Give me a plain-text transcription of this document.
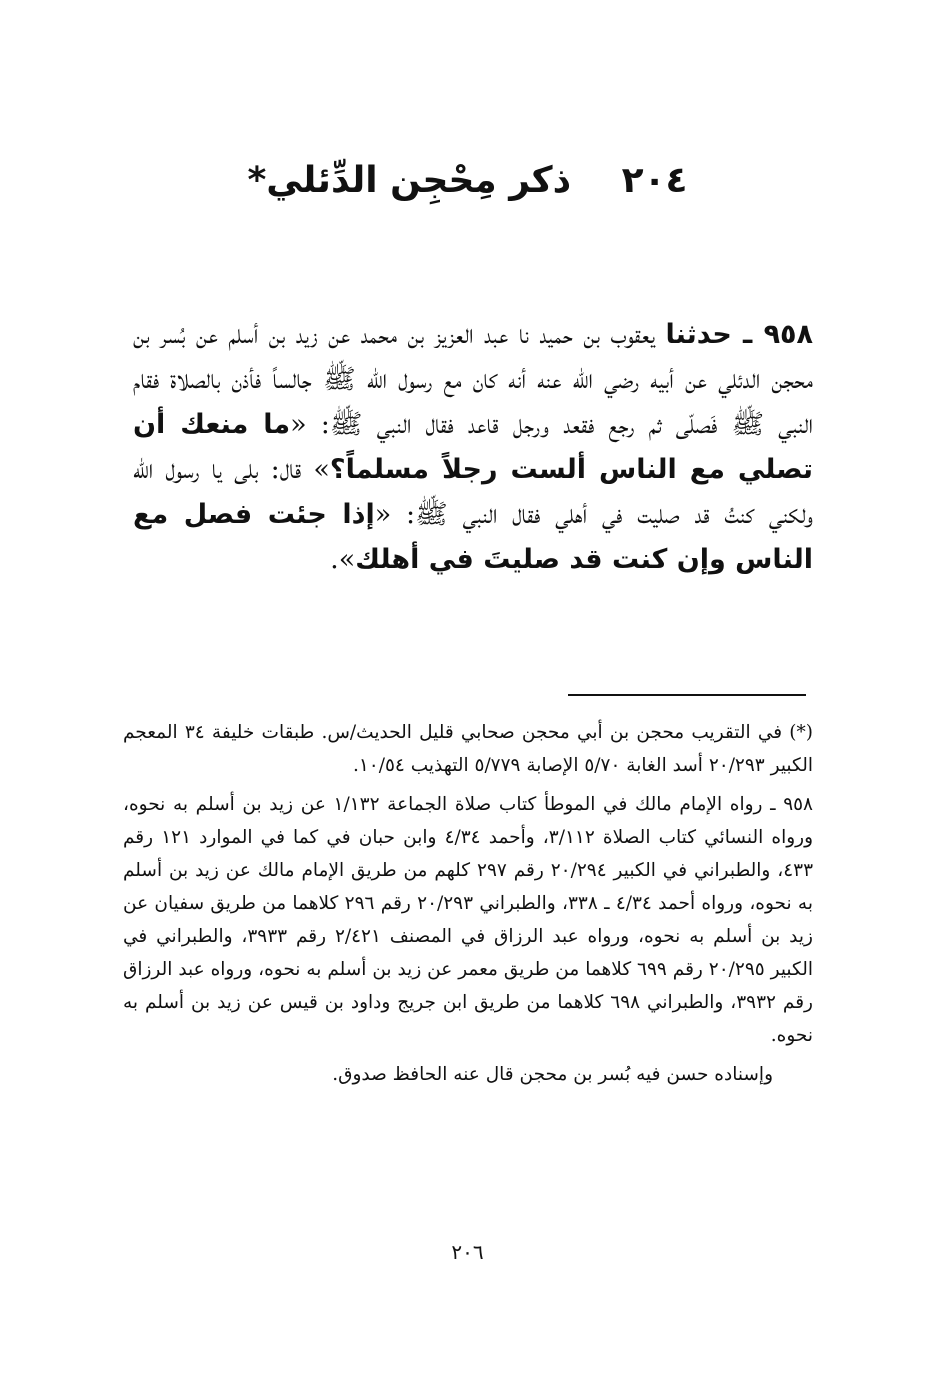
٢٠٤ ذكر مِحْجِن الدِّئلي*

٩٥٨ ـ حدثنا يعقوب بن حميد نا عبد العزيز بن محمد عن زيد بن أسلم عن بُسر بن محجن الدئلي عن أبيه رضي الله عنه أنه كان مع رسول الله ﷺ جالساً فأذن بالصلاة فقام النبي ﷺ فَصلّى ثم رجع فقعد ورجل قاعد فقال النبي ﷺ: «ما منعك أن تصلي مع الناس ألست رجلاً مسلماً؟» قال: بلى يا رسول الله ولكني كنتُ قد صليت في أهلي فقال النبي ﷺ: «إذا جئت فصل مع الناس وإن كنت قد صليتَ في أهلك».

(*) في التقريب محجن بن أبي محجن صحابي قليل الحديث/س. طبقات خليفة ٣٤ المعجم الكبير ٢٠/٢٩٣ أسد الغابة ٥/٧٠ الإصابة ٥/٧٧٩ التهذيب ١٠/٥٤.

٩٥٨ ـ رواه الإمام مالك في الموطأ كتاب صلاة الجماعة ١/١٣٢ عن زيد بن أسلم به نحوه، ورواه النسائي كتاب الصلاة ٣/١١٢، وأحمد ٤/٣٤ وابن حبان في كما في الموارد ١٢١ رقم ٤٣٣، والطبراني في الكبير ٢٠/٢٩٤ رقم ٢٩٧ كلهم من طريق الإمام مالك عن زيد بن أسلم به نحوه، ورواه أحمد ٤/٣٤ ـ ٣٣٨، والطبراني ٢٠/٢٩٣ رقم ٢٩٦ كلاهما من طريق سفيان عن زيد بن أسلم به نحوه، ورواه عبد الرزاق في المصنف ٢/٤٢١ رقم ٣٩٣٣، والطبراني في الكبير ٢٠/٢٩٥ رقم ٦٩٩ كلاهما من طريق معمر عن زيد بن أسلم به نحوه، ورواه عبد الرزاق رقم ٣٩٣٢، والطبراني ٦٩٨ كلاهما من طريق ابن جريج وداود بن قيس عن زيد بن أسلم به نحوه.

وإسناده حسن فيه بُسر بن محجن قال عنه الحافظ صدوق.

٢٠٦
